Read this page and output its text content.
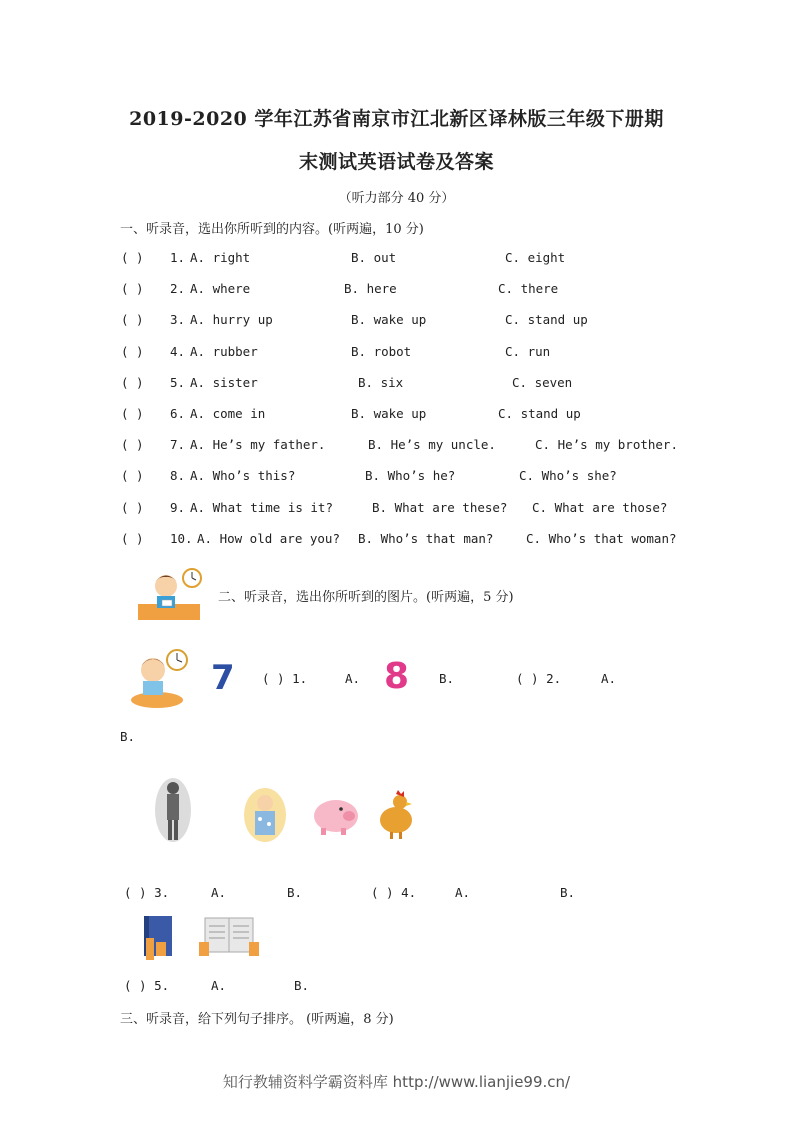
2019-2020 学年江苏省南京市江北新区译林版三年级下册期
末测试英语试卷及答案
（听力部分 40 分）
一、听录音，选出你所听到的内容。(听两遍，10 分)
( ) 1. A. right	B. out	C. eight
( ) 2. A. where	B. here	C. there
( ) 3. A. hurry up	B. wake up	C. stand up
( ) 4. A. rubber	B. robot	C. run
( ) 5. A. sister	B. six	C. seven
( ) 6. A. come in	B. wake up	C. stand up
( ) 7. A. He’s my father.	B. He’s my uncle.	C. He’s my brother.
( ) 8. A. Who’s this?	B. Who’s he?	C. Who’s she?
( ) 9. A. What time is it?	B. What are these? C. What are those?
( ) 10. A. How old are you? B. Who’s that man?	C. Who’s that woman?
二、听录音，选出你所听到的图片。(听两遍，5 分)
7 ( ) 1.	A. 8 B.	( ) 2.	A.
B.
( ) 3.	A.	B.	( ) 4.	A.	B.
( ) 5.	A.	B.
三、听录音，给下列句子排序。 (听两遍，8 分)
知行教辅资料学霸资料库 http://www.lianjie99.cn/
